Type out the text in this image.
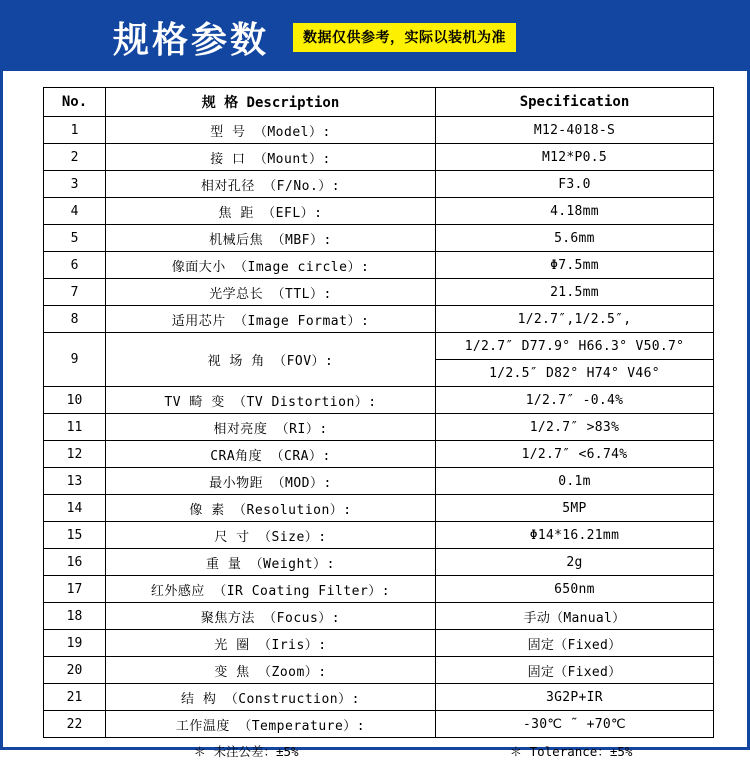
规格参数	数据仅供参考，实际以装机为准
No.	规 格 Description	Specification
1	型 号 （Model）:	M12-4018-S
2	接 口 （Mount）:	M12*P0.5
3	相对孔径 （F/No.）:	F3.0
4	焦 距 （EFL）:	4.18mm
5	机械后焦 （MBF）:	5.6mm
6	像面大小 （Image circle）:	Φ7.5mm
7	光学总长 （TTL）:	21.5mm
8	适用芯片 （Image Format）:	1/2.7″,1/2.5″,
9	视 场 角 （FOV）:	1/2.7″ D77.9° H66.3° V50.7°
		1/2.5″ D82° H74° V46°
10	TV 畸 变 （TV Distortion）:	1/2.7″ -0.4%
11	相对亮度 （RI）:	1/2.7″ >83%
12	CRA角度 （CRA）:	1/2.7″ <6.74%
13	最小物距 （MOD）:	0.1m
14	像 素 （Resolution）:	5MP
15	尺 寸 （Size）:	Φ14*16.21mm
16	重 量 （Weight）:	2g
17	红外感应 （IR Coating Filter）:	650nm
18	聚焦方法 （Focus）:	手动（Manual）
19	光 圈 （Iris）:	固定（Fixed）
20	变 焦 （Zoom）:	固定（Fixed）
21	结 构 （Construction）:	3G2P+IR
22	工作温度 （Temperature）:	-30℃ ˜ +70℃
＊ 未注公差：±5%	＊ Tolerance：±5%
